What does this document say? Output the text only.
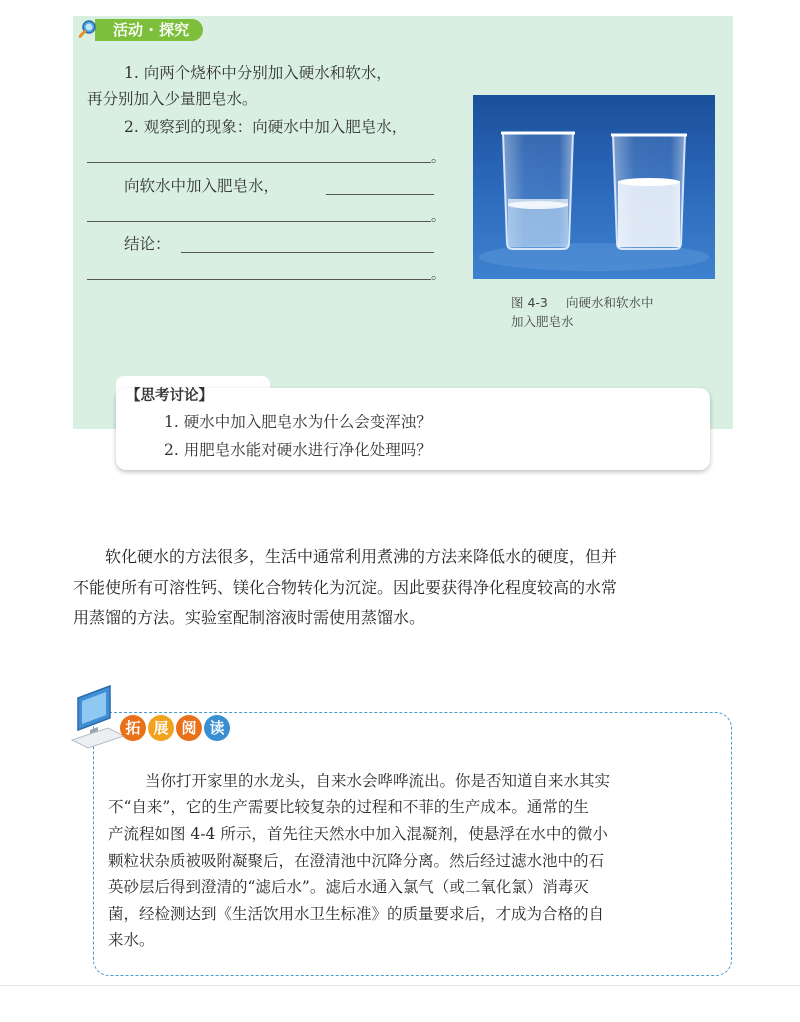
活动 · 探究
1. 向两个烧杯中分别加入硬水和软水，
再分别加入少量肥皂水。
2. 观察到的现象：向硬水中加入肥皂水，
。
向软水中加入肥皂水，
。
结论：
。
图 4-3 向硬水和软水中
加入肥皂水
【思考讨论】
1. 硬水中加入肥皂水为什么会变浑浊？
2. 用肥皂水能对硬水进行净化处理吗？
软化硬水的方法很多，生活中通常利用煮沸的方法来降低水的硬度，但并
不能使所有可溶性钙、镁化合物转化为沉淀。因此要获得净化程度较高的水常
用蒸馏的方法。实验室配制溶液时需使用蒸馏水。
拓 展 阅 读
当你打开家里的水龙头，自来水会哗哗流出。你是否知道自来水其实
不“自来”，它的生产需要比较复杂的过程和不菲的生产成本。通常的生
产流程如图 4-4 所示，首先往天然水中加入混凝剂，使悬浮在水中的微小
颗粒状杂质被吸附凝聚后，在澄清池中沉降分离。然后经过滤水池中的石
英砂层后得到澄清的“滤后水”。滤后水通入氯气（或二氧化氯）消毒灭
菌，经检测达到《生活饮用水卫生标准》的质量要求后，才成为合格的自
来水。
